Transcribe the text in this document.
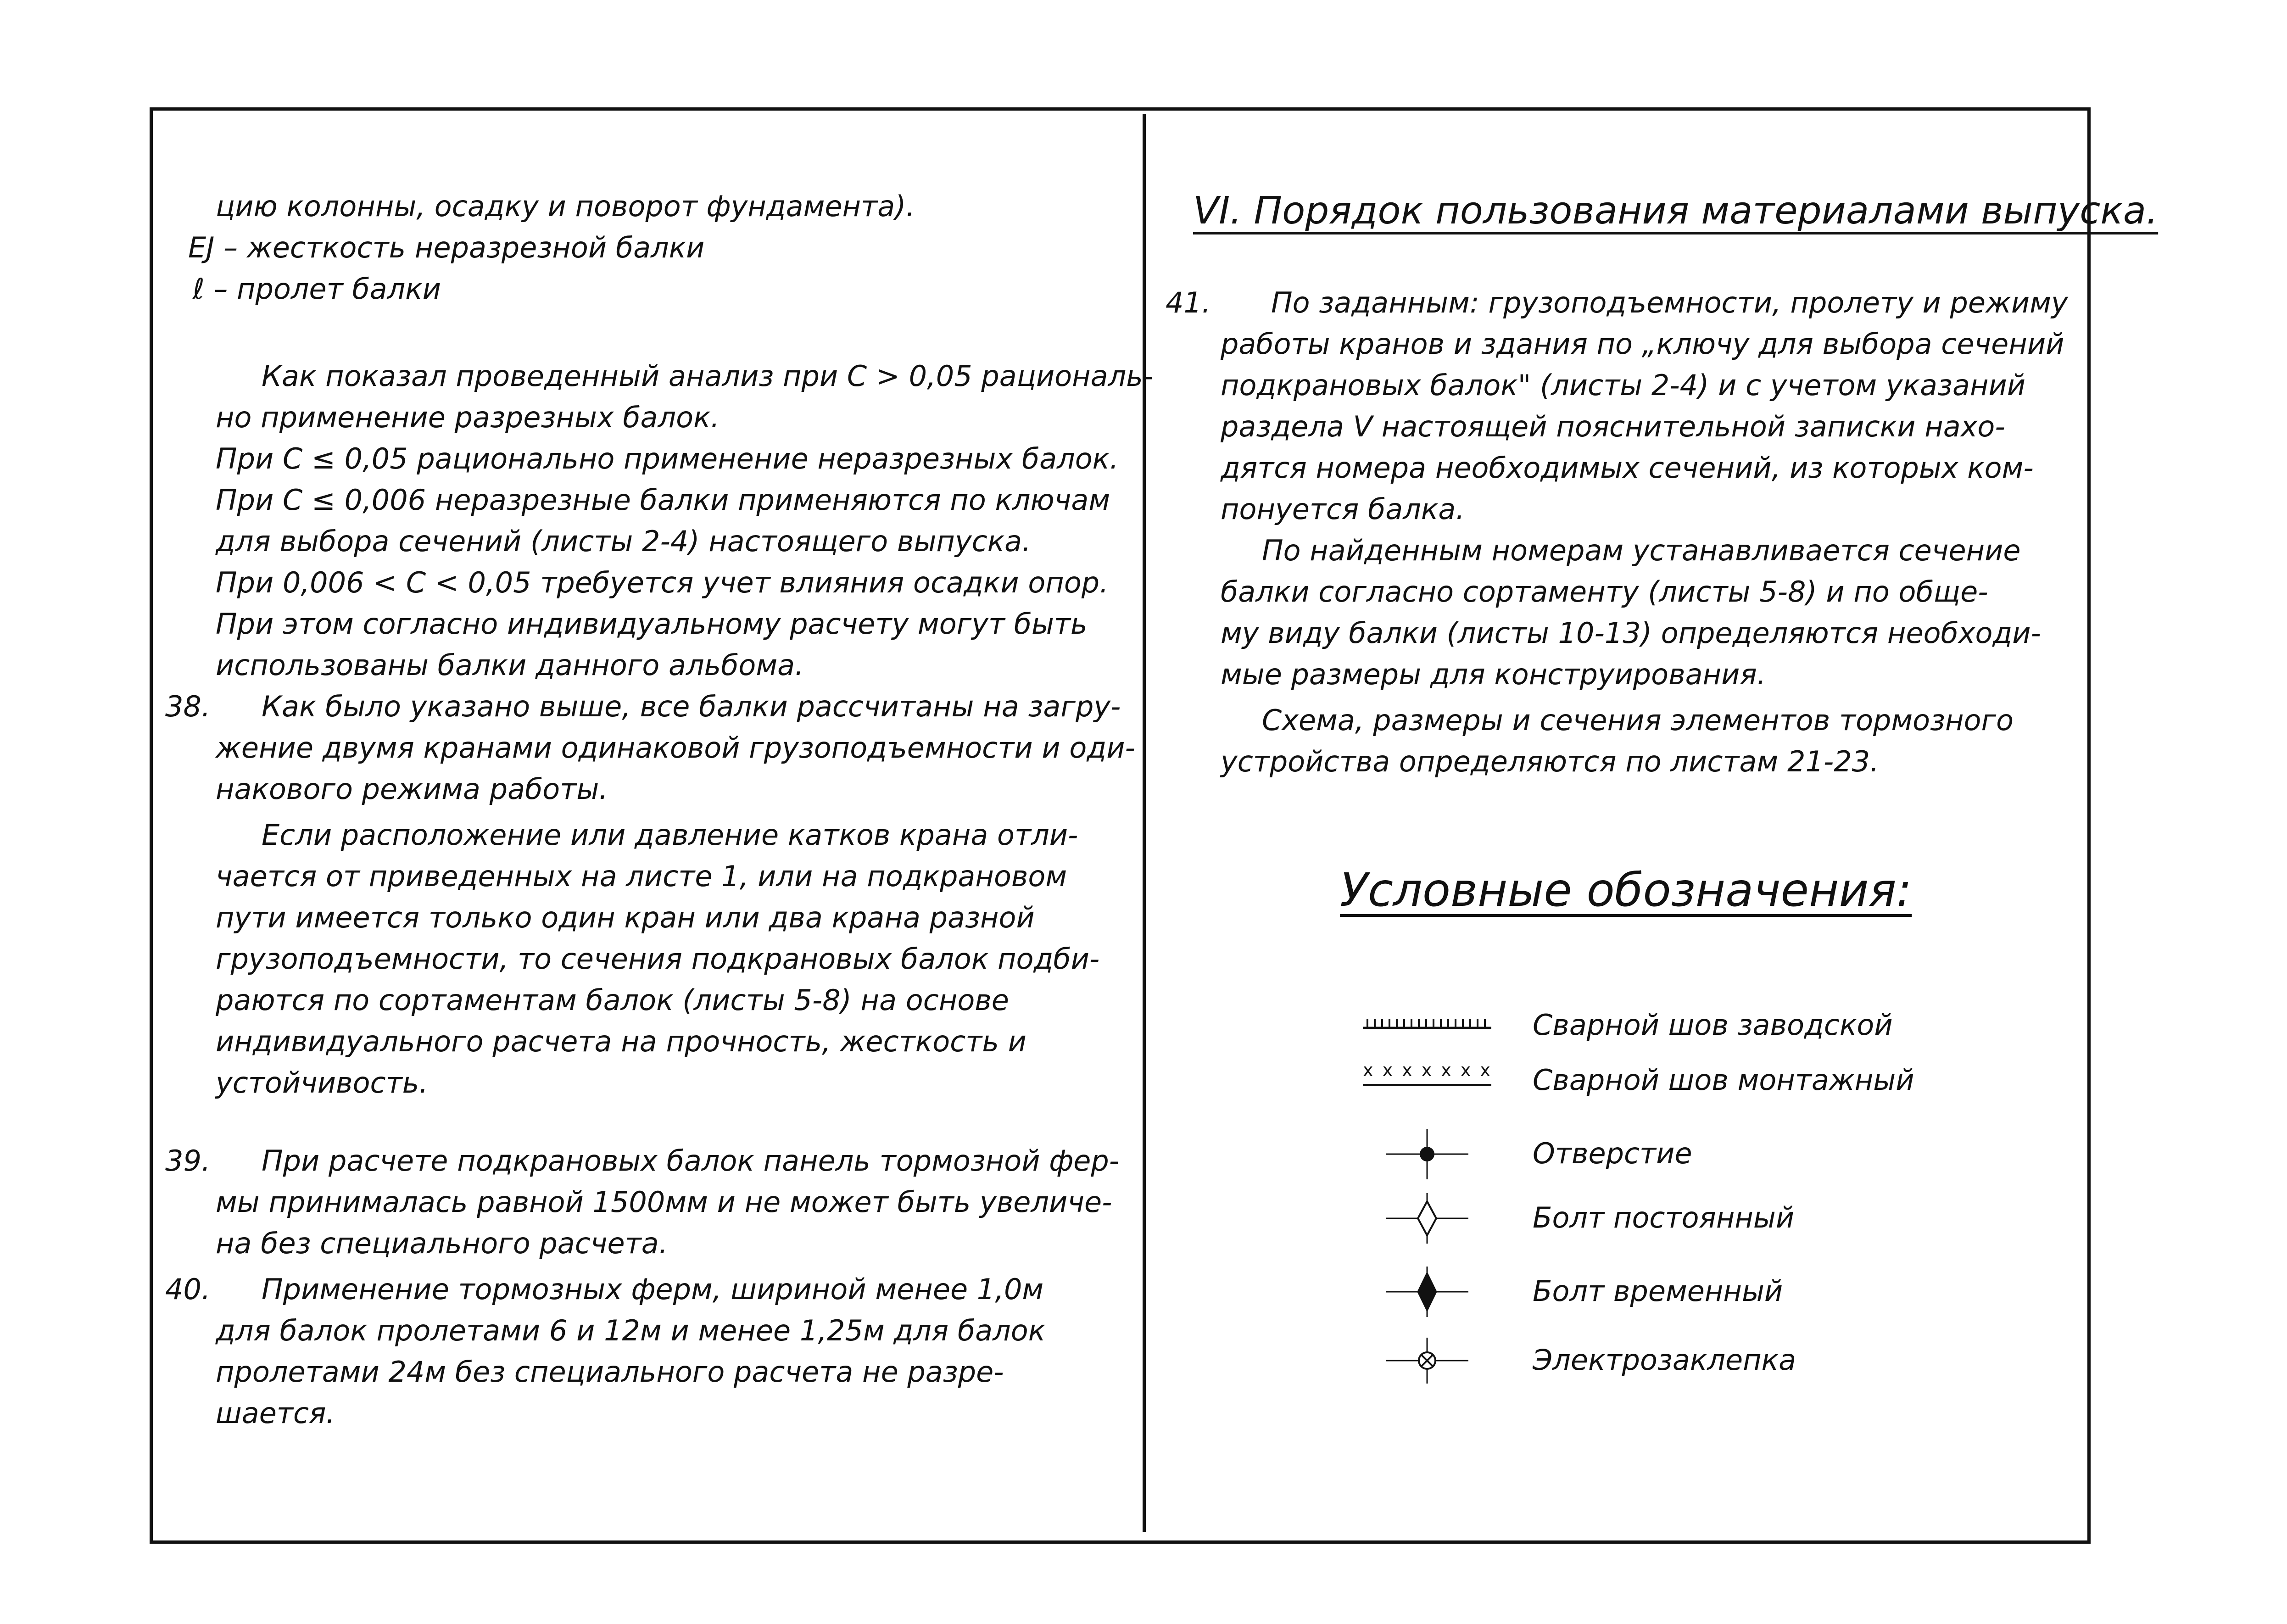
цию колонны, осадку и поворот фундамента).
EJ – жесткость неразрезной балки
ℓ – пролет балки
Как показал проведенный анализ при C > 0,05 рациональ-
но применение разрезных балок.
При C ≤ 0,05 рационально применение неразрезных балок.
При C ≤ 0,006 неразрезные балки применяются по ключам
для выбора сечений (листы 2-4) настоящего выпуска.
При 0,006 < C < 0,05 требуется учет влияния осадки опор.
При этом согласно индивидуальному расчету могут быть
использованы балки данного альбома.
38. Как было указано выше, все балки рассчитаны на загру-
жение двумя кранами одинаковой грузоподъемности и оди-
накового режима работы.
Если расположение или давление катков крана отли-
чается от приведенных на листе 1, или на подкрановом
пути имеется только один кран или два крана разной
грузоподъемности, то сечения подкрановых балок подби-
раются по сортаментам балок (листы 5-8) на основе
индивидуального расчета на прочность, жесткость и
устойчивость.
39. При расчете подкрановых балок панель тормозной фер-
мы принималась равной 1500мм и не может быть увеличе-
на без специального расчета.
40. Применение тормозных ферм, шириной менее 1,0м
для балок пролетами 6 и 12м и менее 1,25м для балок
пролетами 24м без специального расчета не разре-
шается.
VI. Порядок пользования материалами выпуска.
41. По заданным: грузоподъемности, пролету и режиму
работы кранов и здания по „ключу для выбора сечений
подкрановых балок" (листы 2-4) и с учетом указаний
раздела V настоящей пояснительной записки нахо-
дятся номера необходимых сечений, из которых ком-
понуется балка.
По найденным номерам устанавливается сечение
балки согласно сортаменту (листы 5-8) и по обще-
му виду балки (листы 10-13) определяются необходи-
мые размеры для конструирования.
Схема, размеры и сечения элементов тормозного
устройства определяются по листам 21-23.
Условные обозначения:
Сварной шов заводской
x x x x x x x Сварной шов монтажный
Отверстие
Болт постоянный
Болт временный
Электрозаклепка
